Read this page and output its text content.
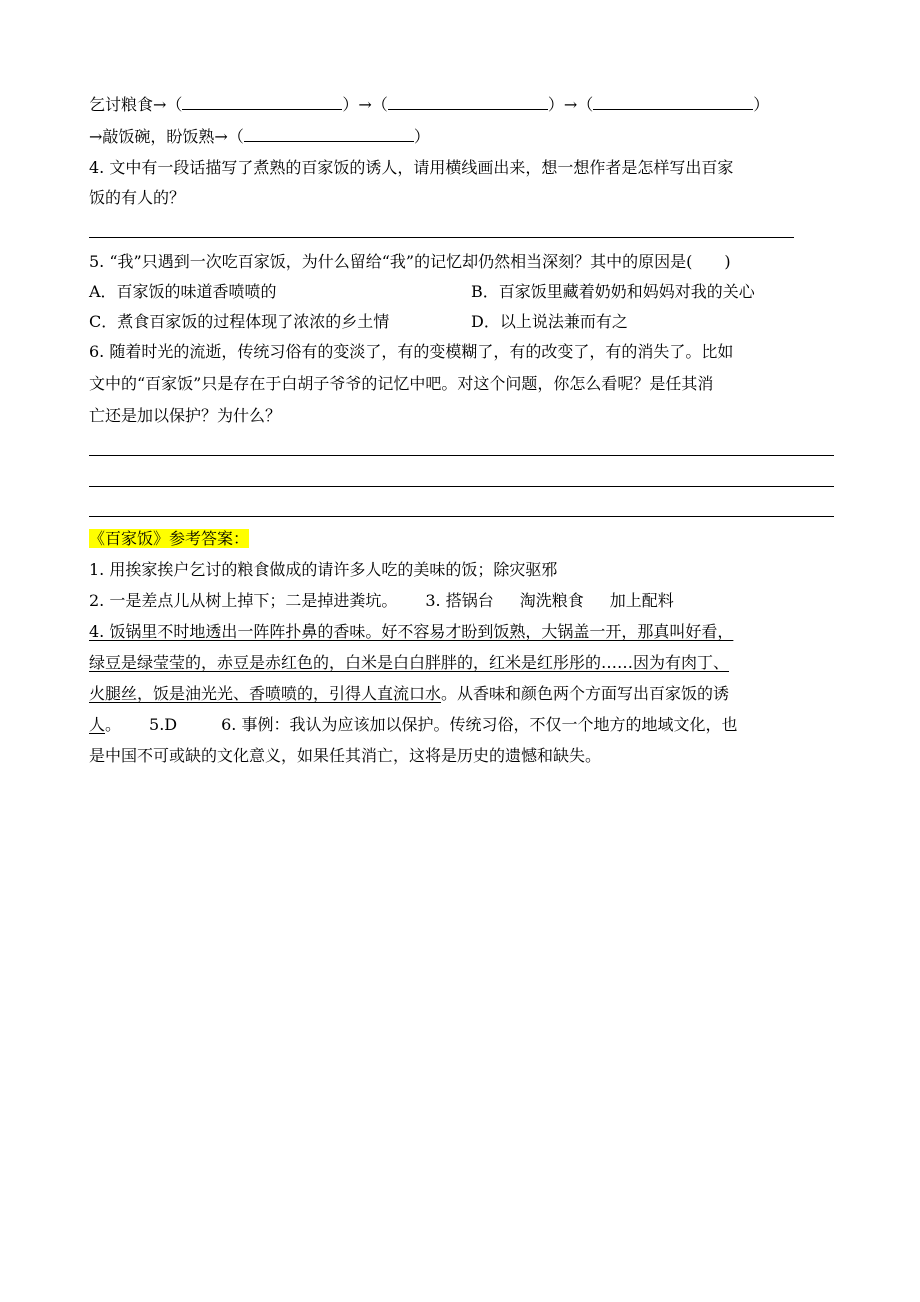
乞讨粮食→（	）→（	）→（	）
→敲饭碗，盼饭熟→（	）
4. 文中有一段话描写了煮熟的百家饭的诱人，请用横线画出来，想一想作者是怎样写出百家
饭的有人的？
5. “我”只遇到一次吃百家饭，为什么留给“我”的记忆却仍然相当深刻？其中的原因是(　　)
A．百家饭的味道香喷喷的	B．百家饭里藏着奶奶和妈妈对我的关心
C．煮食百家饭的过程体现了浓浓的乡土情	D．以上说法兼而有之
6. 随着时光的流逝，传统习俗有的变淡了，有的变模糊了，有的改变了，有的消失了。比如
文中的“百家饭”只是存在于白胡子爷爷的记忆中吧。对这个问题，你怎么看呢？是任其消
亡还是加以保护？为什么？
《百家饭》参考答案：
1. 用挨家挨户乞讨的粮食做成的请许多人吃的美味的饭；除灾驱邪
2. 一是差点儿从树上掉下；二是掉进粪坑。 3. 搭锅台 淘洗粮食 加上配料
4. 饭锅里不时地透出一阵阵扑鼻的香味。好不容易才盼到饭熟，大锅盖一开，那真叫好看，
绿豆是绿莹莹的，赤豆是赤红色的，白米是白白胖胖的，红米是红彤彤的……因为有肉丁、
火腿丝，饭是油光光、香喷喷的，引得人直流口水。从香味和颜色两个方面写出百家饭的诱
人。 5.D	6. 事例：我认为应该加以保护。传统习俗，不仅一个地方的地域文化，也
是中国不可或缺的文化意义，如果任其消亡，这将是历史的遗憾和缺失。
